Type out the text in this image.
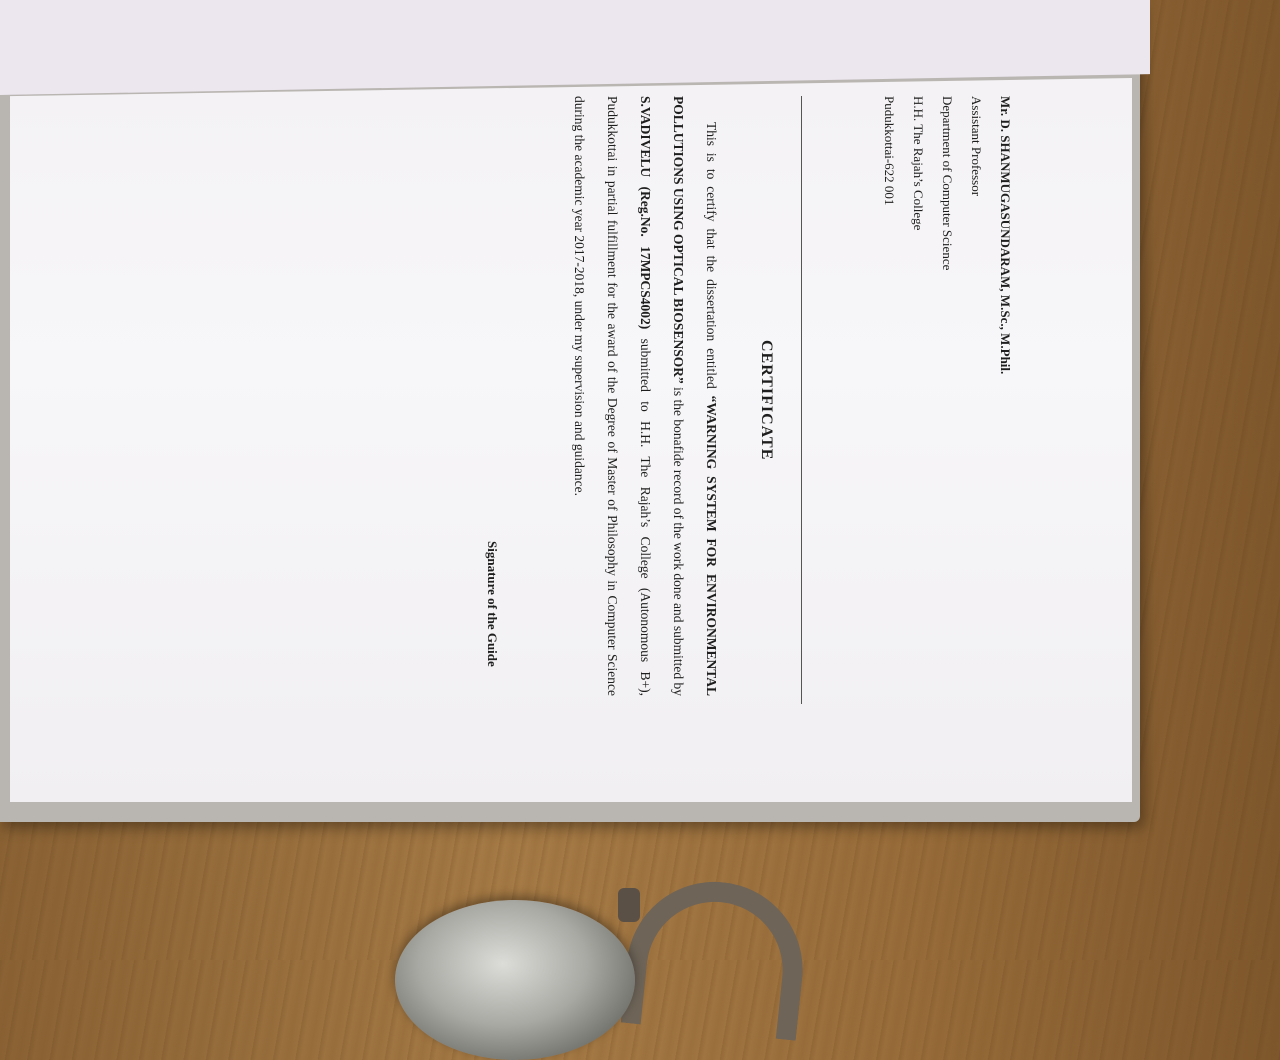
Mr. D. SHANMUGASUNDARAM, M.Sc., M.Phil.
Assistant Professor
Department of Computer Science
H.H. The Rajah’s College
Pudukkottai-622 001
CERTIFICATE
This is to certify that the dissertation entitled “WARNING SYSTEM FOR ENVIRONMENTAL POLLUTIONS USING OPTICAL BIOSENSOR” is the bonafide record of the work done and submitted by S.VADIVELU (Reg.No. 17MPCS4002) submitted to H.H. The Rajah’s College (Autonomous B+), Pudukkottai in partial fulfillment for the award of the Degree of Master of Philosophy in Computer Science during the academic year 2017-2018, under my supervision and guidance.
Signature of the Guide
